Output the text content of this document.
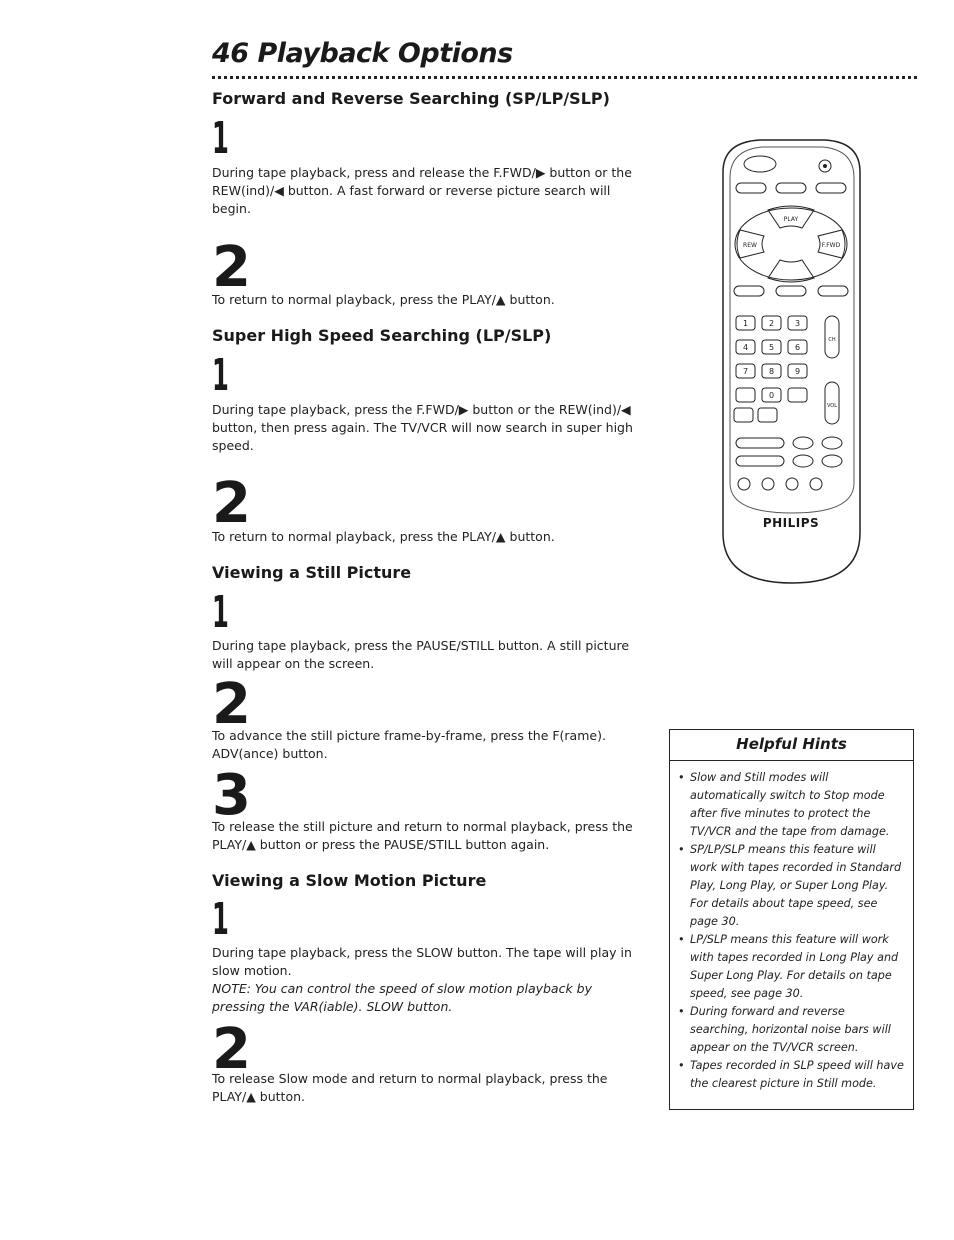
46 Playback Options
Forward and Reverse Searching (SP/LP/SLP)
1

During tape playback, press and release the F.FWD/▶ button or the REW(ind)/◀ button. A fast forward or reverse picture search will begin.

2

To return to normal playback, press the PLAY/▲ button.

Super High Speed Searching (LP/SLP)
1

During tape playback, press the F.FWD/▶ button or the REW(ind)/◀ button, then press again. The TV/VCR will now search in super high speed.

2

To return to normal playback, press the PLAY/▲ button.

Viewing a Still Picture
1

During tape playback, press the PAUSE/STILL button. A still picture will appear on the screen.

2

To advance the still picture frame-by-frame, press the F(rame). ADV(ance) button.

3

To release the still picture and return to normal playback, press the PLAY/▲ button or press the PAUSE/STILL button again.

Viewing a Slow Motion Picture
1

During tape playback, press the SLOW button. The tape will play in slow motion.
NOTE: You can control the speed of slow motion playback by pressing the VAR(iable). SLOW button.

2

To release Slow mode and return to normal playback, press the PLAY/▲ button.

PLAY
REW	F.FWD
1	2	3
4	5	6
7	8	9
0
CH
VOL

PHILIPS

Helpful Hints
• Slow and Still modes will automatically switch to Stop mode after five minutes to protect the TV/VCR and the tape from damage.
• SP/LP/SLP means this feature will work with tapes recorded in Standard Play, Long Play, or Super Long Play. For details about tape speed, see page 30.
• LP/SLP means this feature will work with tapes recorded in Long Play and Super Long Play. For details on tape speed, see page 30.
• During forward and reverse searching, horizontal noise bars will appear on the TV/VCR screen.
• Tapes recorded in SLP speed will have the clearest picture in Still mode.
